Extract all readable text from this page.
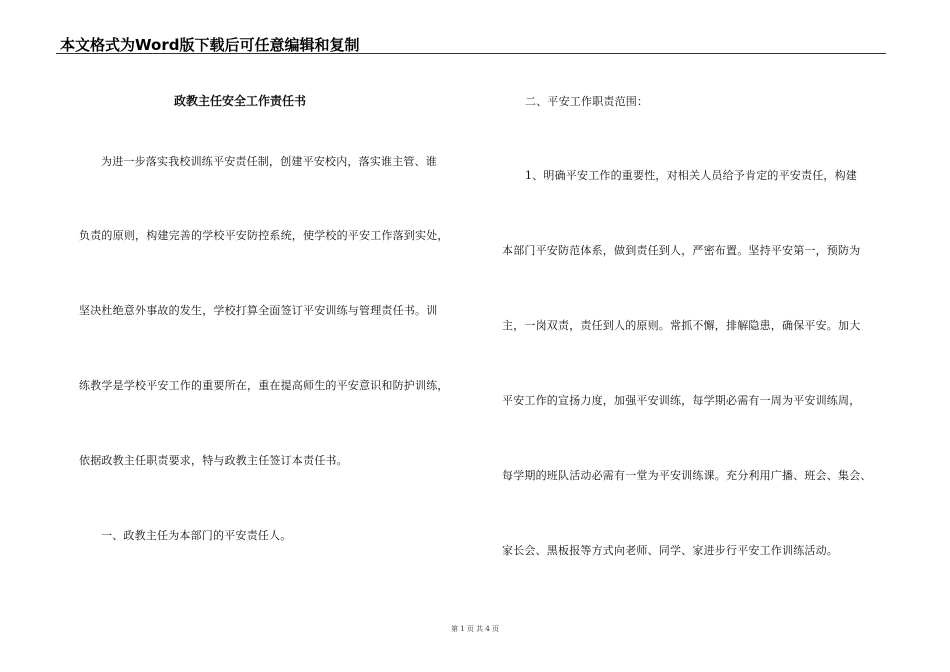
本文格式为Word版下载后可任意编辑和复制
政教主任安全工作责任书
为进一步落实我校训练平安责任制，创建平安校内，落实谁主管、谁
负责的原则，构建完善的学校平安防控系统，使学校的平安工作落到实处，
坚决杜绝意外事故的发生，学校打算全面签订平安训练与管理责任书。训
练教学是学校平安工作的重要所在，重在提高师生的平安意识和防护训练，
依据政教主任职责要求，特与政教主任签订本责任书。
一、政教主任为本部门的平安责任人。
二、平安工作职责范围：
1、明确平安工作的重要性，对相关人员给予肯定的平安责任，构建
本部门平安防范体系，做到责任到人，严密布置。坚持平安第一，预防为
主，一岗双责，责任到人的原则。常抓不懈，排解隐患，确保平安。加大
平安工作的宣扬力度，加强平安训练，每学期必需有一周为平安训练周，
每学期的班队活动必需有一堂为平安训练课。充分利用广播、班会、集会、
家长会、黑板报等方式向老师、同学、家进步行平安工作训练活动。
第 1 页 共 4 页
